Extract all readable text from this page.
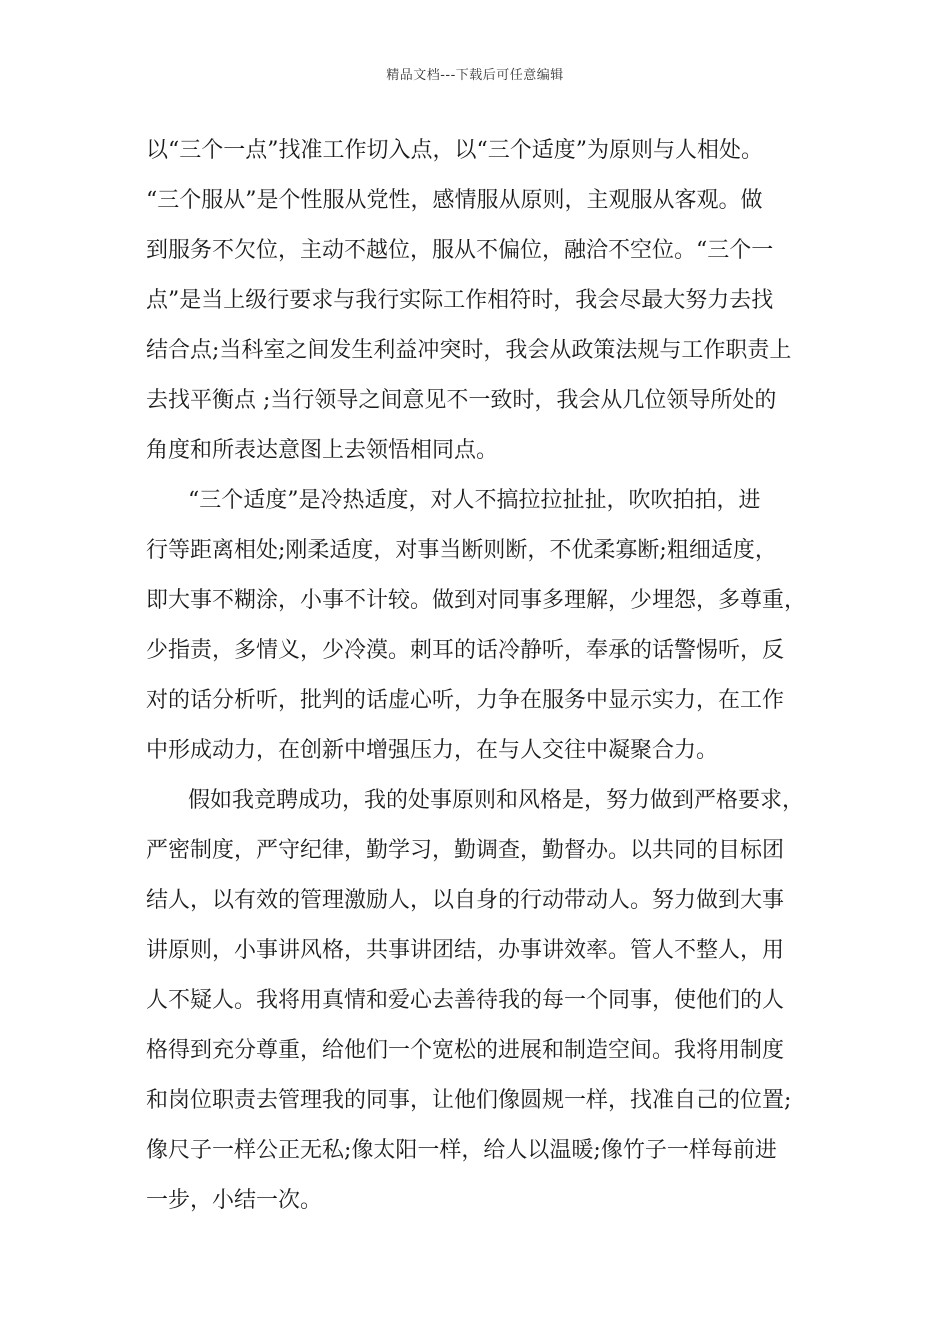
精品文档---下载后可任意编辑
以“三个一点”找准工作切入点，以“三个适度”为原则与人相处。
“三个服从”是个性服从党性，感情服从原则，主观服从客观。做
到服务不欠位，主动不越位，服从不偏位，融洽不空位。“三个一
点”是当上级行要求与我行实际工作相符时，我会尽最大努力去找
结合点;当科室之间发生利益冲突时，我会从政策法规与工作职责上
去找平衡点 ;当行领导之间意见不一致时，我会从几位领导所处的
角度和所表达意图上去领悟相同点。
“三个适度”是冷热适度，对人不搞拉拉扯扯，吹吹拍拍，进
行等距离相处;刚柔适度，对事当断则断，不优柔寡断;粗细适度，
即大事不糊涂，小事不计较。做到对同事多理解，少埋怨，多尊重，
少指责，多情义，少冷漠。刺耳的话冷静听，奉承的话警惕听，反
对的话分析听，批判的话虚心听，力争在服务中显示实力，在工作
中形成动力，在创新中增强压力，在与人交往中凝聚合力。
假如我竞聘成功，我的处事原则和风格是，努力做到严格要求，
严密制度，严守纪律，勤学习，勤调查，勤督办。以共同的目标团
结人，以有效的管理激励人，以自身的行动带动人。努力做到大事
讲原则，小事讲风格，共事讲团结，办事讲效率。管人不整人，用
人不疑人。我将用真情和爱心去善待我的每一个同事，使他们的人
格得到充分尊重，给他们一个宽松的进展和制造空间。我将用制度
和岗位职责去管理我的同事，让他们像圆规一样，找准自己的位置;
像尺子一样公正无私;像太阳一样，给人以温暖;像竹子一样每前进
一步，小结一次。
